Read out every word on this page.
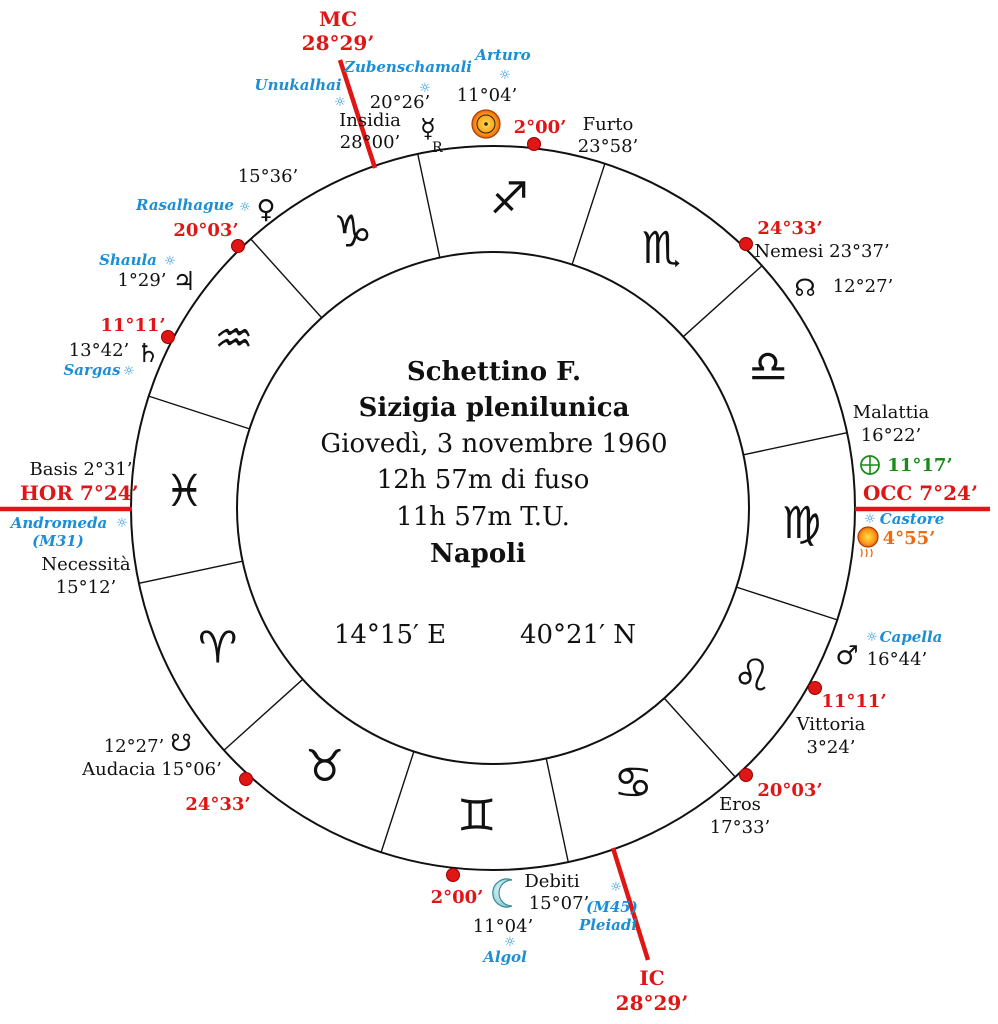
♏
♎
♍
♌
♋
♊
♉
♈
♓
♒
♑
♐
MC
28°29’
IC
28°29’
HOR 7°24’	OCC 7°24’
2°00’
24°33’
11°11’
20°03’
2°00’
24°33’
11°11’
20°03’
Schettino F.
Sizigia plenilunica
Giovedì, 3 novembre 1960
12h 57m di fuso
11h 57m T.U.
Napoli
14°15′ E	40°21′ N
Arturo
☼
Zubenschamali
☼
Unukalhai
☼	11°04’
20°26’
☿
R
Insidia
28°00’
Furto
23°58’
15°36’
Rasalhague ☼ ♀
Shaula ☼
1°29’ ♃
13°42’ ♄
Sargas ☼
Basis 2°31’
Andromeda ☼
(M31)
Necessità
15°12’
12°27’ ☋
Audacia 15°06’
Debiti
15°07’
11°04’
☼
Algol
☼
(M45)
Pleiadi
Eros
17°33’
Vittoria
3°24’
♂
☼ Capella
16°44’
Malattia
16°22’
11°17’
☼ Castore
4°55’
Nemesi 23°37’
☊ 12°27’
